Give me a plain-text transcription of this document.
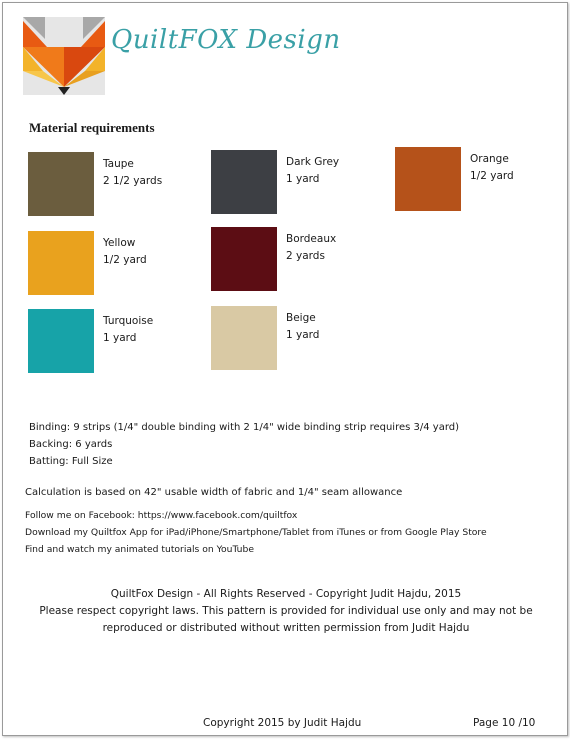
QuiltFOX Design
Material requirements
Taupe
2 1/2 yards
Yellow
1/2 yard
Turquoise
1 yard
Dark Grey
1 yard
Bordeaux
2 yards
Beige
1 yard
Orange
1/2 yard
Binding: 9 strips (1/4" double binding with 2 1/4" wide binding strip requires 3/4 yard)
Backing: 6 yards
Batting: Full Size
Calculation is based on 42" usable width of fabric and 1/4" seam allowance
Follow me on Facebook: https://www.facebook.com/quiltfox
Download my Quiltfox App for iPad/iPhone/Smartphone/Tablet from iTunes or from Google Play Store
Find and watch my animated tutorials on YouTube
QuiltFox Design - All Rights Reserved - Copyright Judit Hajdu, 2015
Please respect copyright laws. This pattern is provided for individual use only and may not be
reproduced or distributed without written permission from Judit Hajdu
Copyright 2015 by Judit Hajdu	Page 10 /10
